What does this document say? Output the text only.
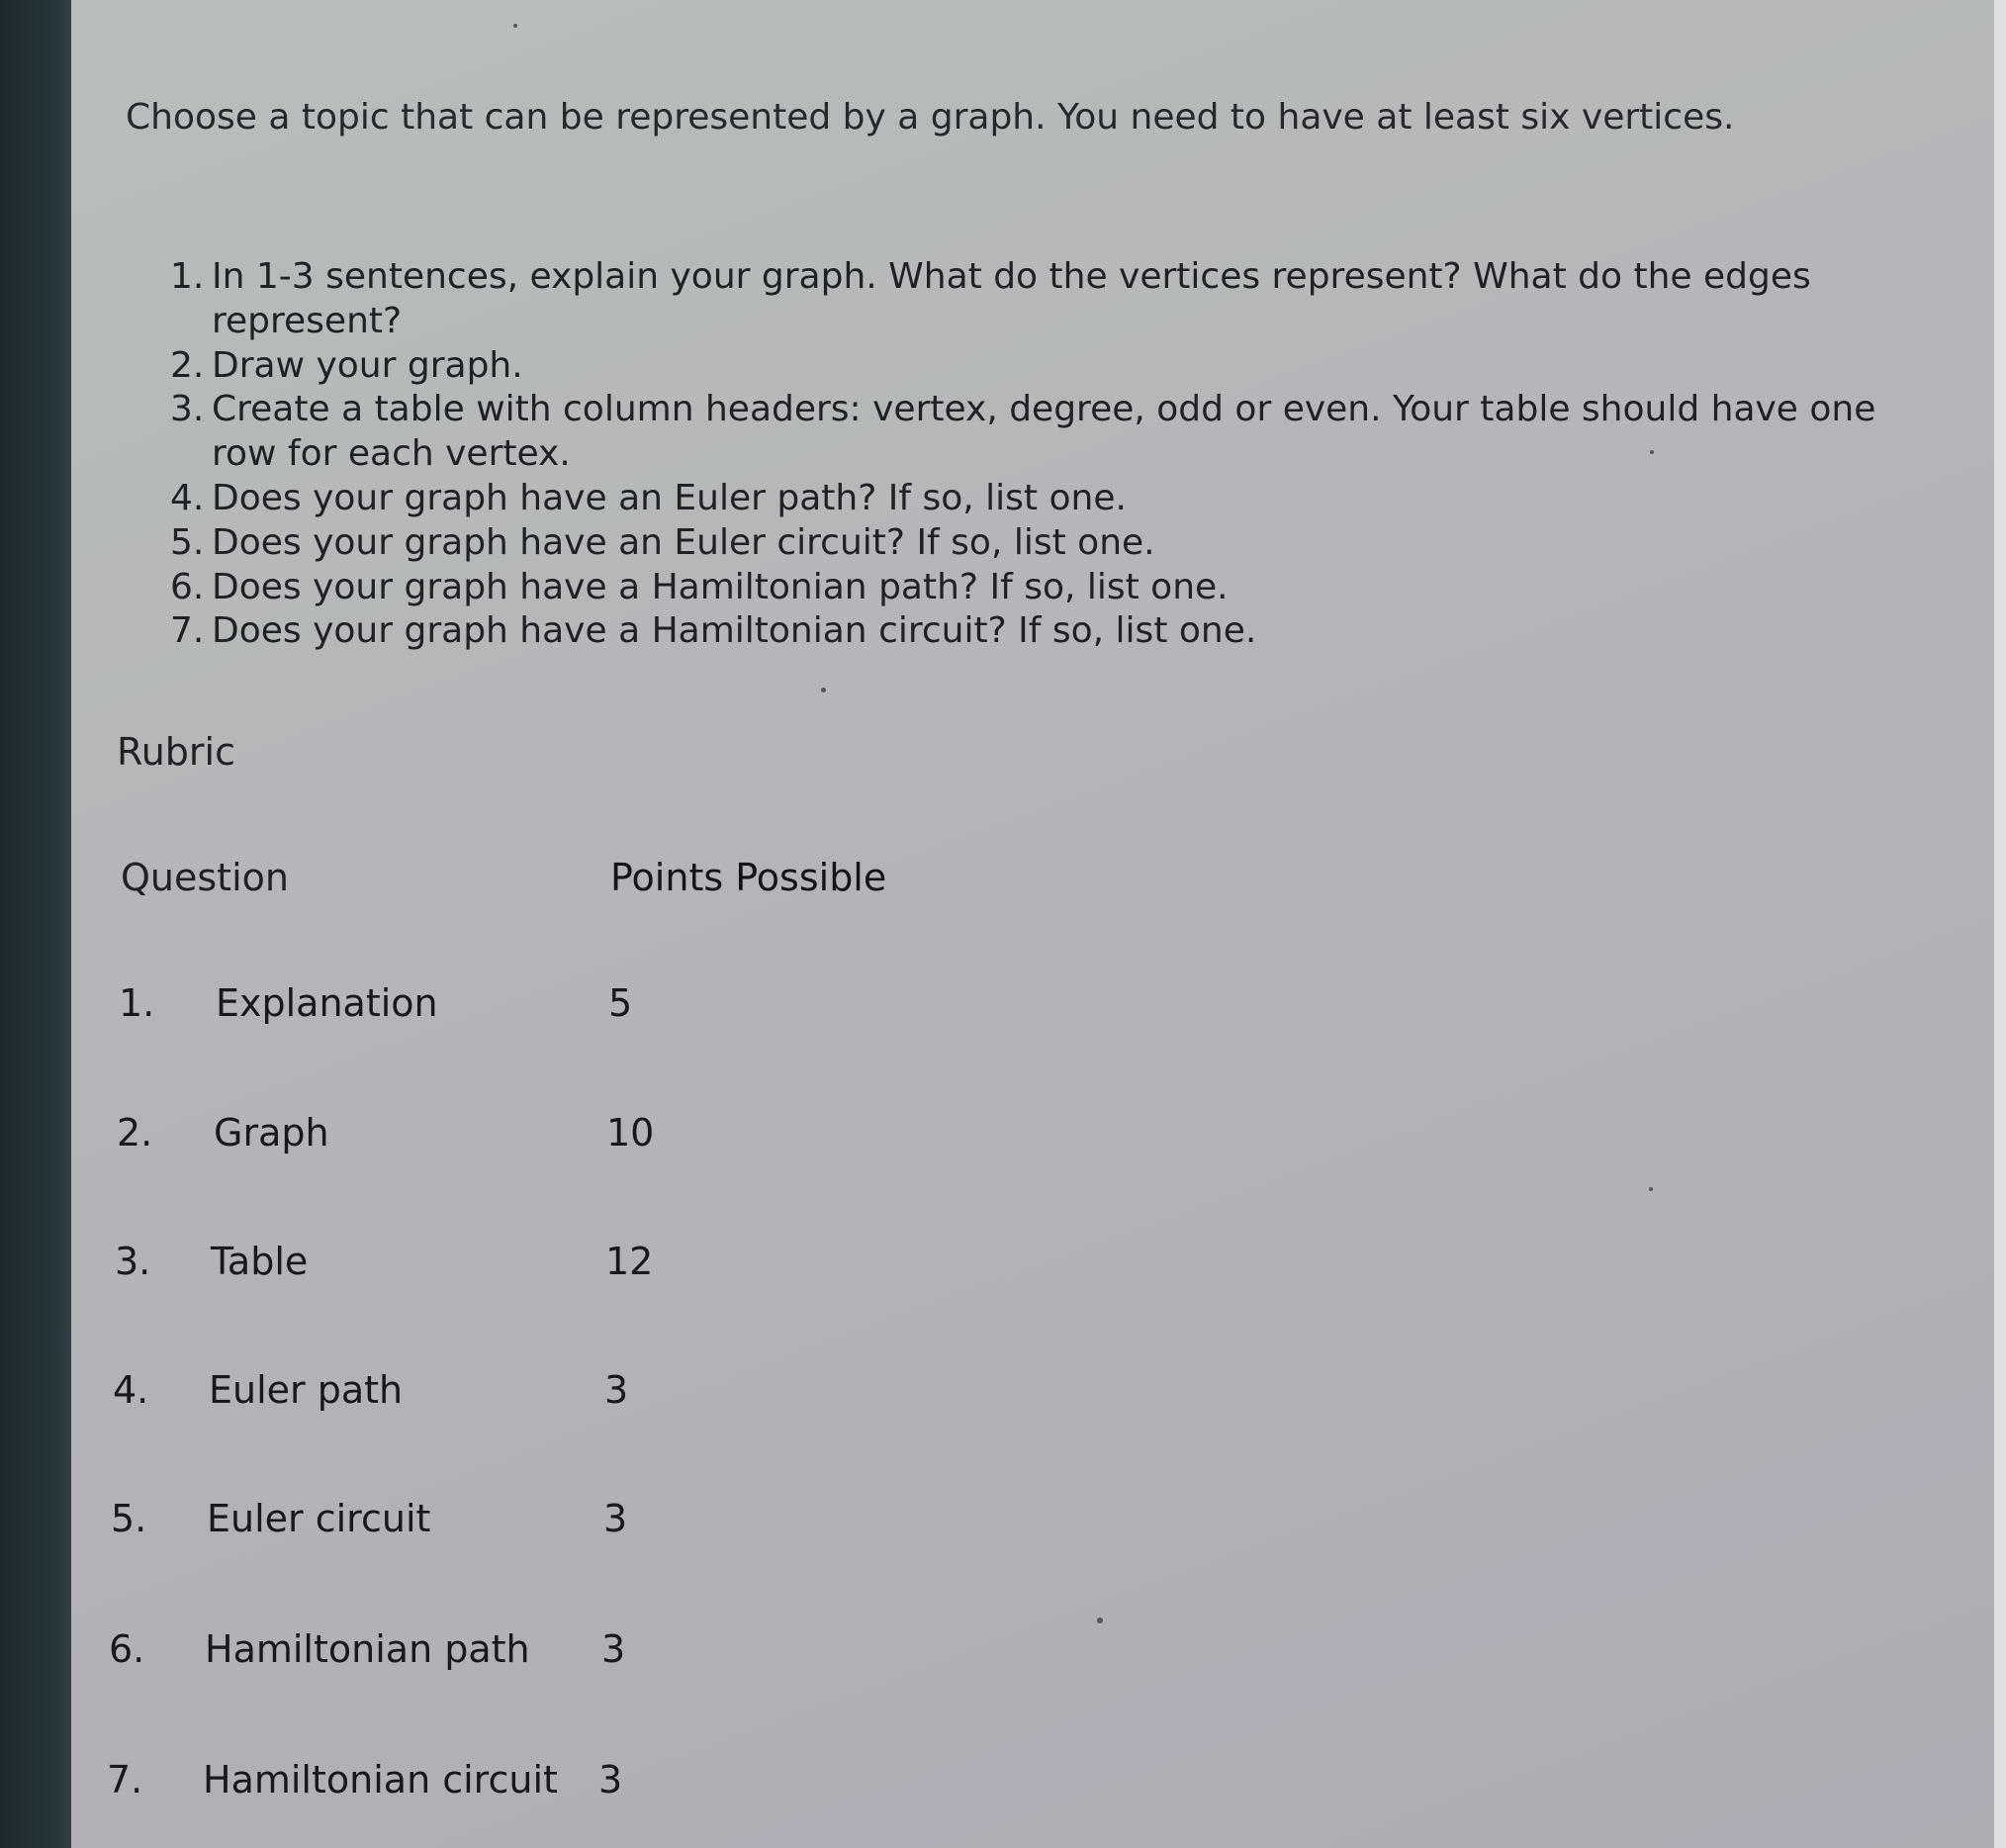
Choose a topic that can be represented by a graph. You need to have at least six vertices.
1. In 1-3 sentences, explain your graph. What do the vertices represent? What do the edges represent?
2. Draw your graph.
3. Create a table with column headers: vertex, degree, odd or even. Your table should have one row for each vertex.
4. Does your graph have an Euler path? If so, list one.
5. Does your graph have an Euler circuit? If so, list one.
6. Does your graph have a Hamiltonian path? If so, list one.
7. Does your graph have a Hamiltonian circuit? If so, list one.
Rubric
Question	Points Possible
1. Explanation	5
2. Graph	10
3. Table	12
4. Euler path	3
5. Euler circuit	3
6. Hamiltonian path 3
7. Hamiltonian circuit 3
